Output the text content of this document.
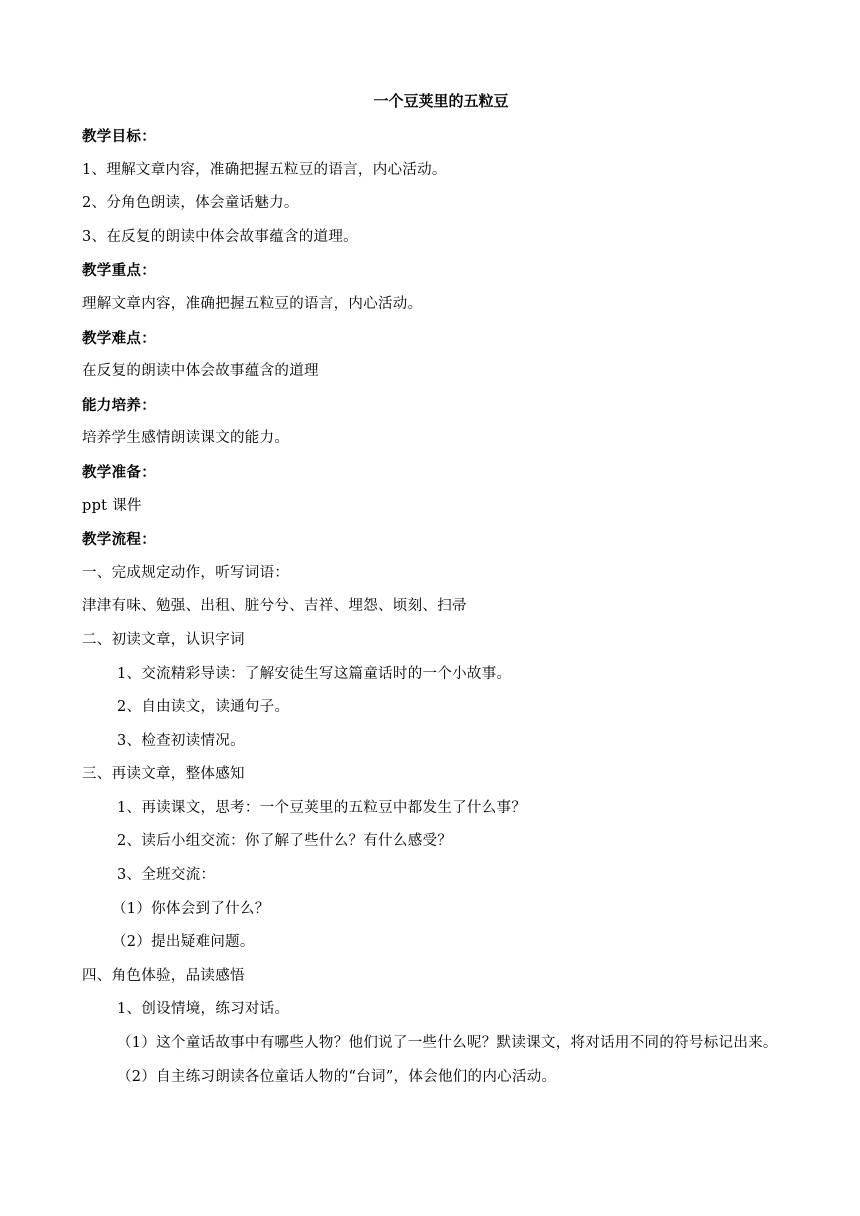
一个豆荚里的五粒豆
教学目标：
1、理解文章内容，准确把握五粒豆的语言，内心活动。
2、分角色朗读，体会童话魅力。
3、在反复的朗读中体会故事蕴含的道理。
教学重点：
理解文章内容，准确把握五粒豆的语言，内心活动。
教学难点：
在反复的朗读中体会故事蕴含的道理
能力培养：
培养学生感情朗读课文的能力。
教学准备：
ppt 课件
教学流程：
一、完成规定动作，听写词语：
津津有味、勉强、出租、脏兮兮、吉祥、埋怨、顷刻、扫帚
二、初读文章，认识字词
1、交流精彩导读：了解安徒生写这篇童话时的一个小故事。
2、自由读文，读通句子。
3、检查初读情况。
三、再读文章，整体感知
1、再读课文，思考：一个豆荚里的五粒豆中都发生了什么事？
2、读后小组交流：你了解了些什么？有什么感受？
3、全班交流：
（1）你体会到了什么？
（2）提出疑难问题。
四、角色体验，品读感悟
1、创设情境，练习对话。

（1）这个童话故事中有哪些人物？他们说了一些什么呢？默读课文，将对话用不同的符号标记出来。

（2）自主练习朗读各位童话人物的“台词”，体会他们的内心活动。
